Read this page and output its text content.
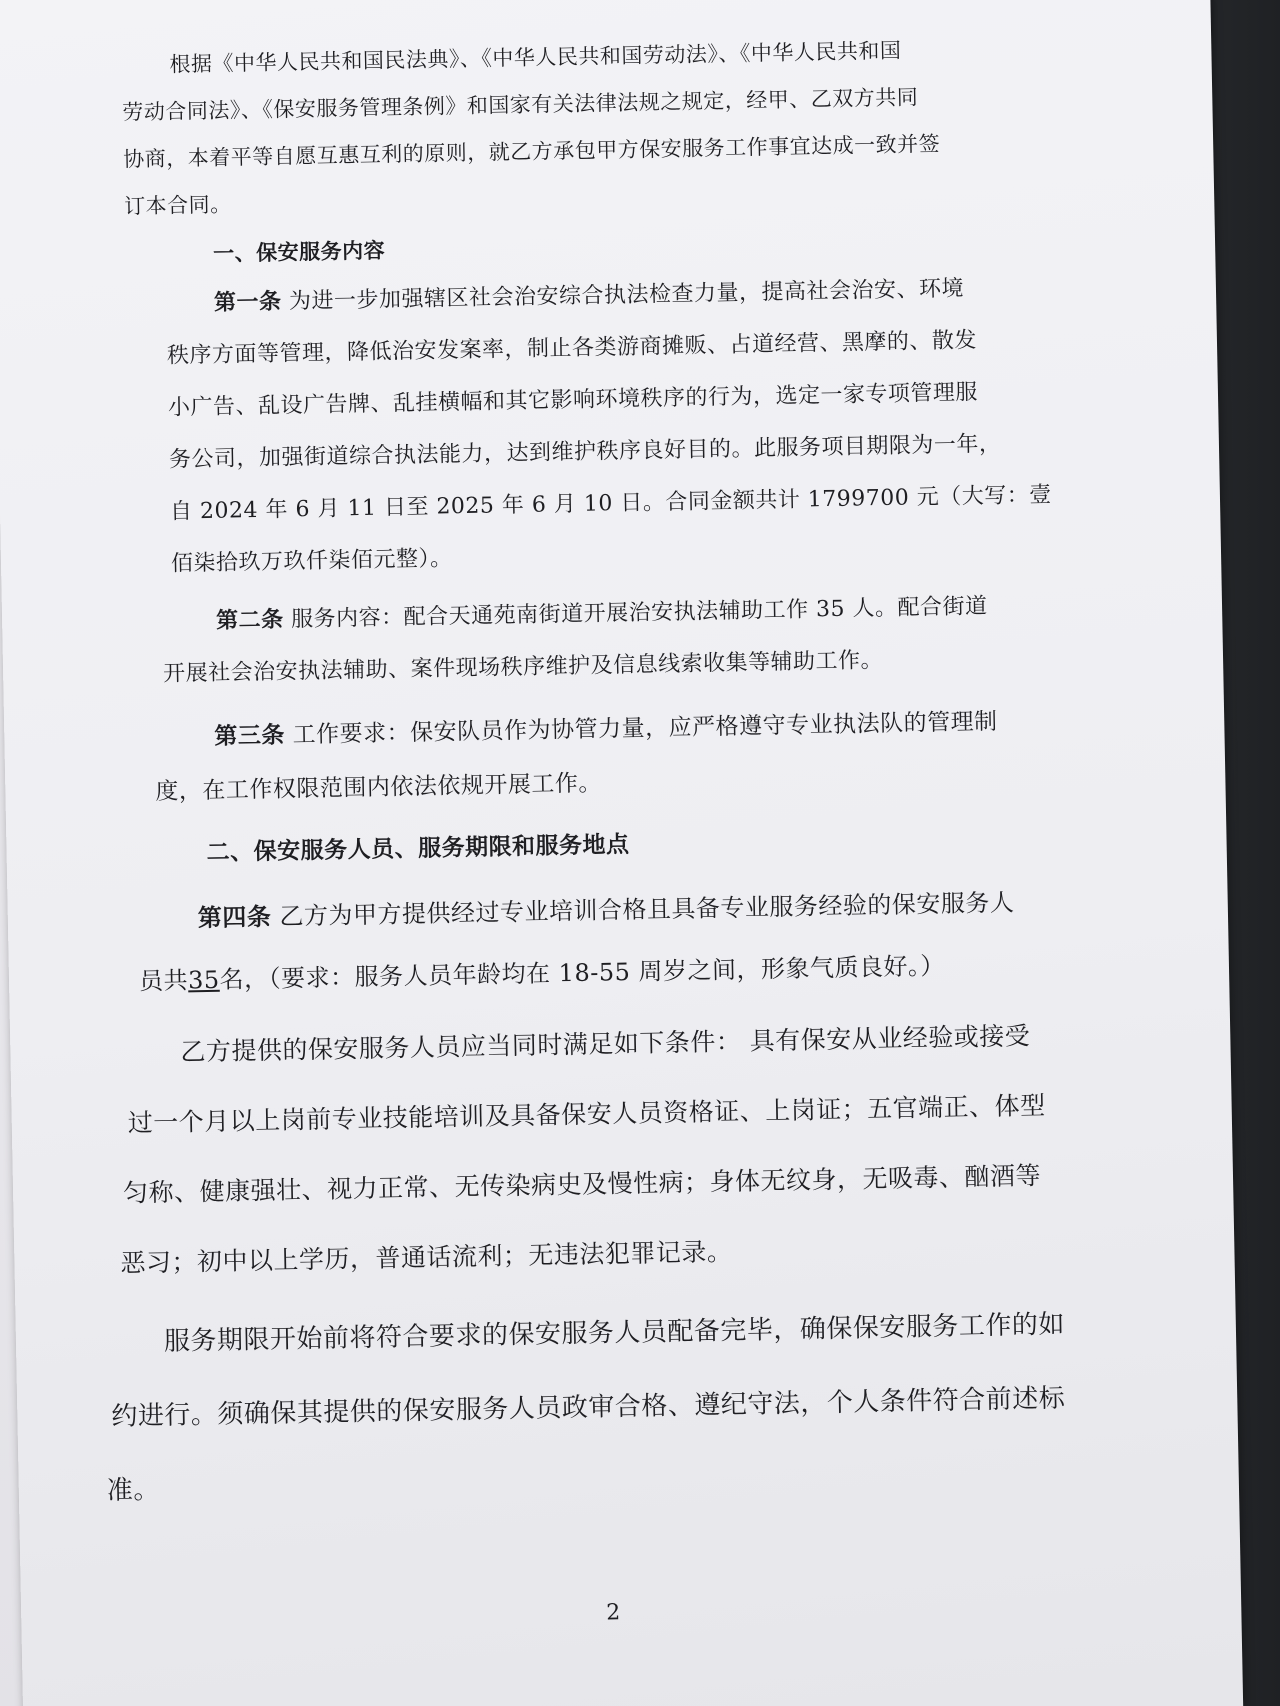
根据《中华人民共和国民法典》、《中华人民共和国劳动法》、《中华人民共和国
劳动合同法》、《保安服务管理条例》和国家有关法律法规之规定，经甲、乙双方共同
协商，本着平等自愿互惠互利的原则，就乙方承包甲方保安服务工作事宜达成一致并签
订本合同。
一、保安服务内容
第一条 为进一步加强辖区社会治安综合执法检查力量，提高社会治安、环境
秩序方面等管理，降低治安发案率，制止各类游商摊贩、占道经营、黑摩的、散发
小广告、乱设广告牌、乱挂横幅和其它影响环境秩序的行为，选定一家专项管理服
务公司，加强街道综合执法能力，达到维护秩序良好目的。此服务项目期限为一年，
自 2024 年 6 月 11 日至 2025 年 6 月 10 日。合同金额共计 1799700 元（大写：壹
佰柒拾玖万玖仟柒佰元整）。
第二条 服务内容：配合天通苑南街道开展治安执法辅助工作 35 人。配合街道
开展社会治安执法辅助、案件现场秩序维护及信息线索收集等辅助工作。
第三条 工作要求：保安队员作为协管力量，应严格遵守专业执法队的管理制
度，在工作权限范围内依法依规开展工作。
二、保安服务人员、服务期限和服务地点
第四条 乙方为甲方提供经过专业培训合格且具备专业服务经验的保安服务人
员共35名，（要求：服务人员年龄均在 18-55 周岁之间，形象气质良好。）
乙方提供的保安服务人员应当同时满足如下条件： 具有保安从业经验或接受
过一个月以上岗前专业技能培训及具备保安人员资格证、上岗证；五官端正、体型
匀称、健康强壮、视力正常、无传染病史及慢性病；身体无纹身，无吸毒、酗酒等
恶习；初中以上学历，普通话流利；无违法犯罪记录。
服务期限开始前将符合要求的保安服务人员配备完毕，确保保安服务工作的如
约进行。须确保其提供的保安服务人员政审合格、遵纪守法，个人条件符合前述标
准。
2
